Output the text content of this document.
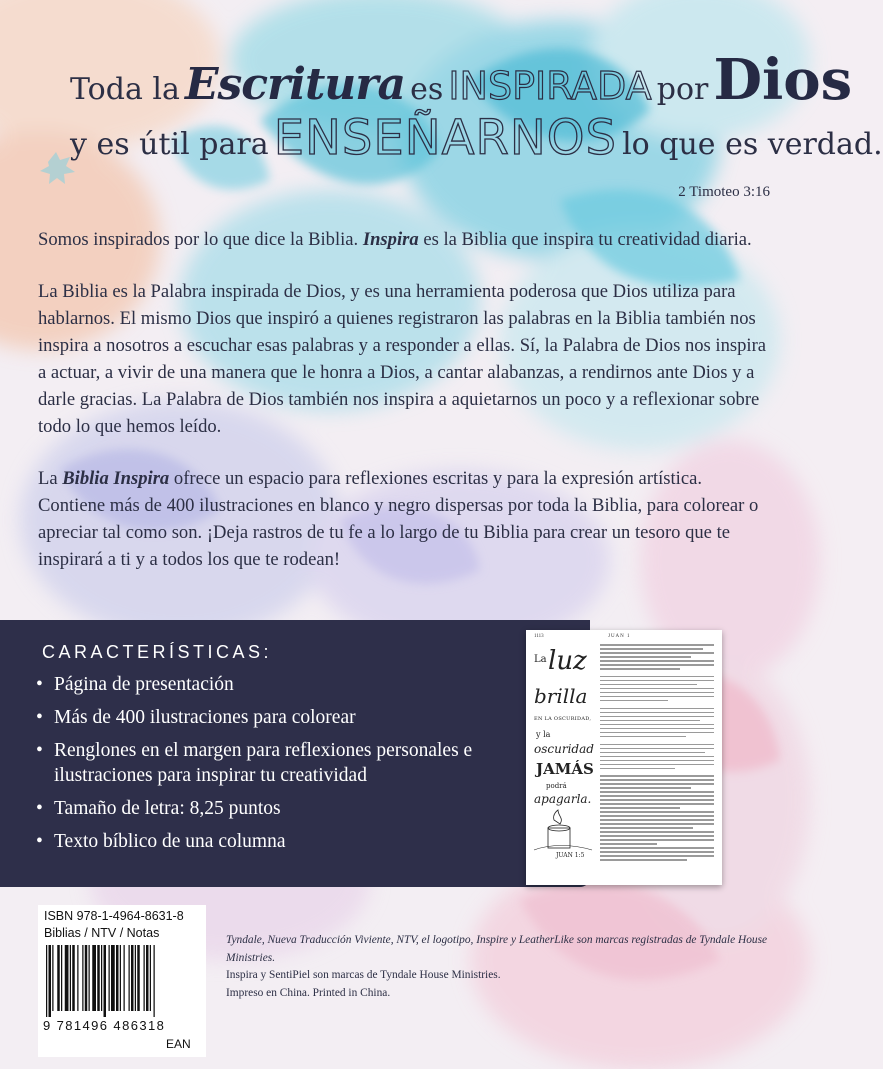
Toda la Escritura es INSPIRADA por Dios
y es útil para ENSEÑARNOS lo que es verdad.
2 Timoteo 3:16

Somos inspirados por lo que dice la Biblia. Inspira es la Biblia que inspira tu creatividad diaria.

La Biblia es la Palabra inspirada de Dios, y es una herramienta poderosa que Dios utiliza para hablarnos. El mismo Dios que inspiró a quienes registraron las palabras en la Biblia también nos inspira a nosotros a escuchar esas palabras y a responder a ellas. Sí, la Palabra de Dios nos inspira a actuar, a vivir de una manera que le honra a Dios, a cantar alabanzas, a rendirnos ante Dios y a darle gracias. La Palabra de Dios también nos inspira a aquietarnos un poco y a reflexionar sobre todo lo que hemos leído.

La Biblia Inspira ofrece un espacio para reflexiones escritas y para la expresión artística. Contiene más de 400 ilustraciones en blanco y negro dispersas por toda la Biblia, para colorear o apreciar tal como son. ¡Deja rastros de tu fe a lo largo de tu Biblia para crear un tesoro que te inspirará a ti y a todos los que te rodean!

CARACTERÍSTICAS:
• Página de presentación
• Más de 400 ilustraciones para colorear
• Renglones en el margen para reflexiones personales e ilustraciones para inspirar tu creatividad
• Tamaño de letra: 8,25 puntos
• Texto bíblico de una columna
1113	JUAN 1
La luz
brilla
EN LA OSCURIDAD,
y la
oscuridad
JAMÁS
podrá
apagarla.
JUAN 1:5
ISBN 978-1-4964-8631-8
Biblias / NTV / Notas
9 781496 486318
EAN

Tyndale, Nueva Traducción Viviente, NTV, el logotipo, Inspire y LeatherLike son marcas registradas de Tyndale House Ministries.

Inspira y SentiPiel son marcas de Tyndale House Ministries.

Impreso en China. Printed in China.
